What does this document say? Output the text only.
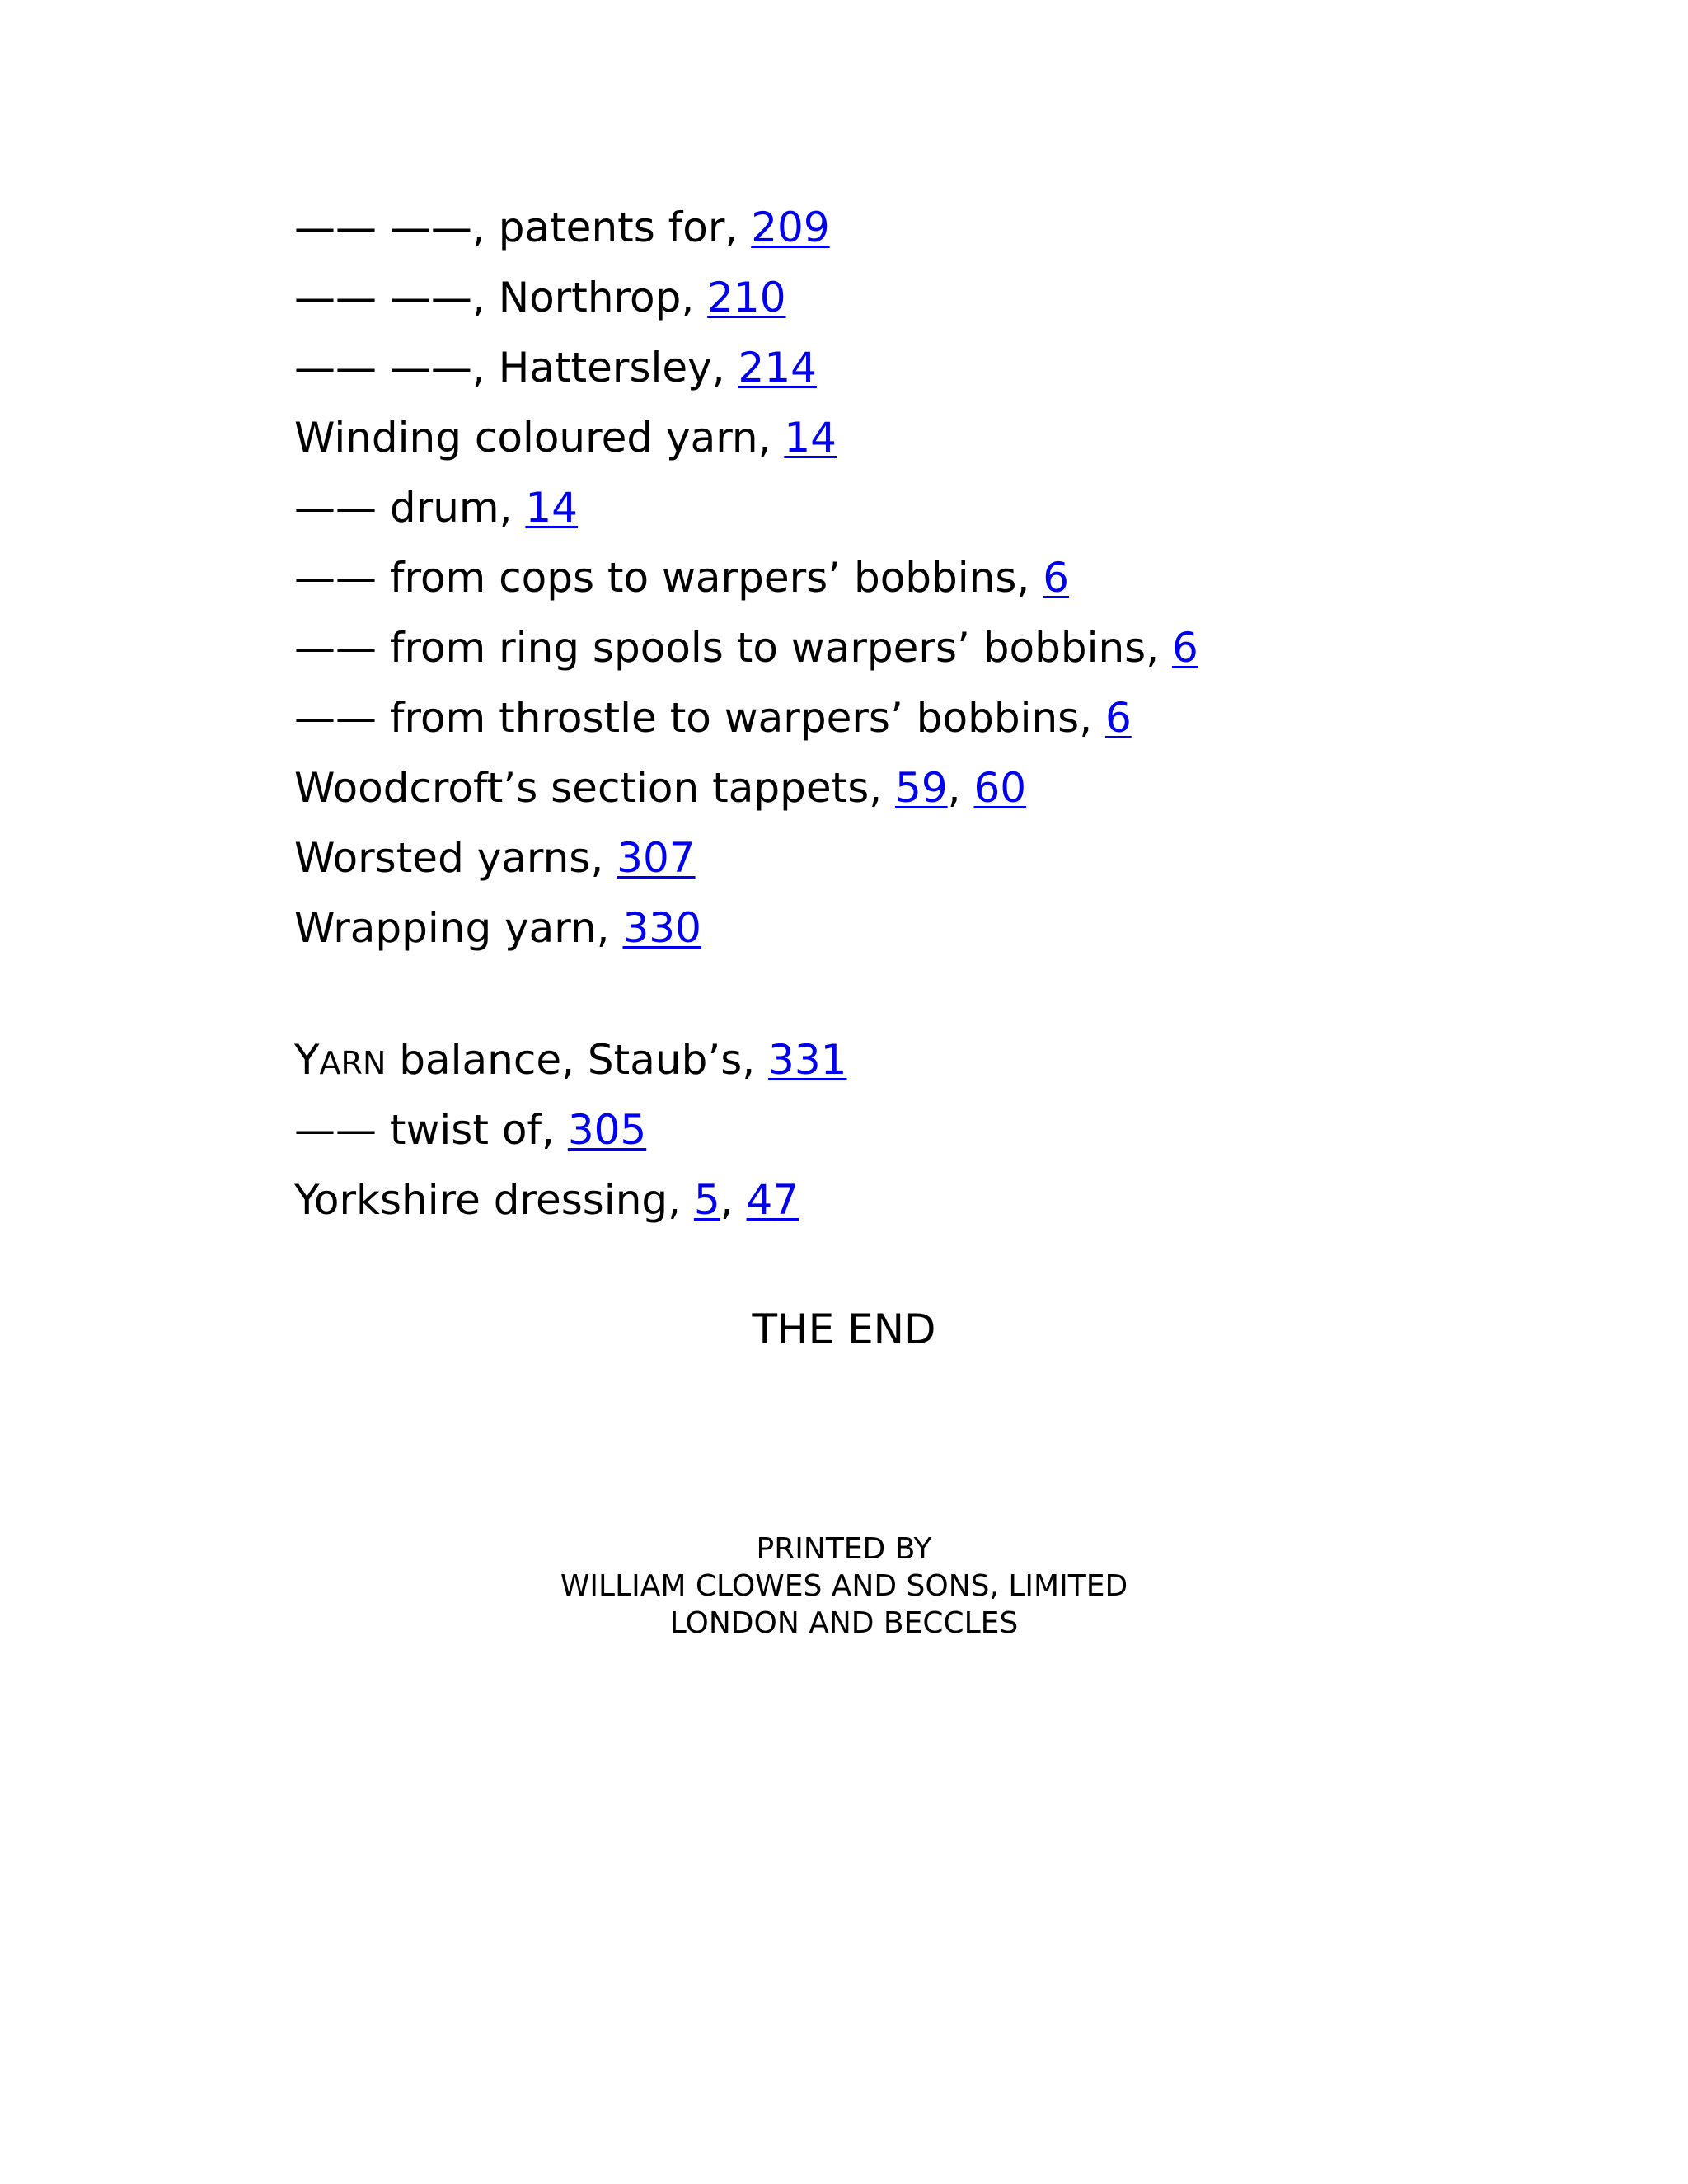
—— ——, patents for, 209
—— ——, Northrop, 210
—— ——, Hattersley, 214
Winding coloured yarn, 14
—— drum, 14
—— from cops to warpers’ bobbins, 6
—— from ring spools to warpers’ bobbins, 6
—— from throstle to warpers’ bobbins, 6
Woodcroft’s section tappets, 59, 60
Worsted yarns, 307
Wrapping yarn, 330
YARN balance, Staub’s, 331
—— twist of, 305
Yorkshire dressing, 5, 47
THE END
PRINTED BY
WILLIAM CLOWES AND SONS, LIMITED
LONDON AND BECCLES
